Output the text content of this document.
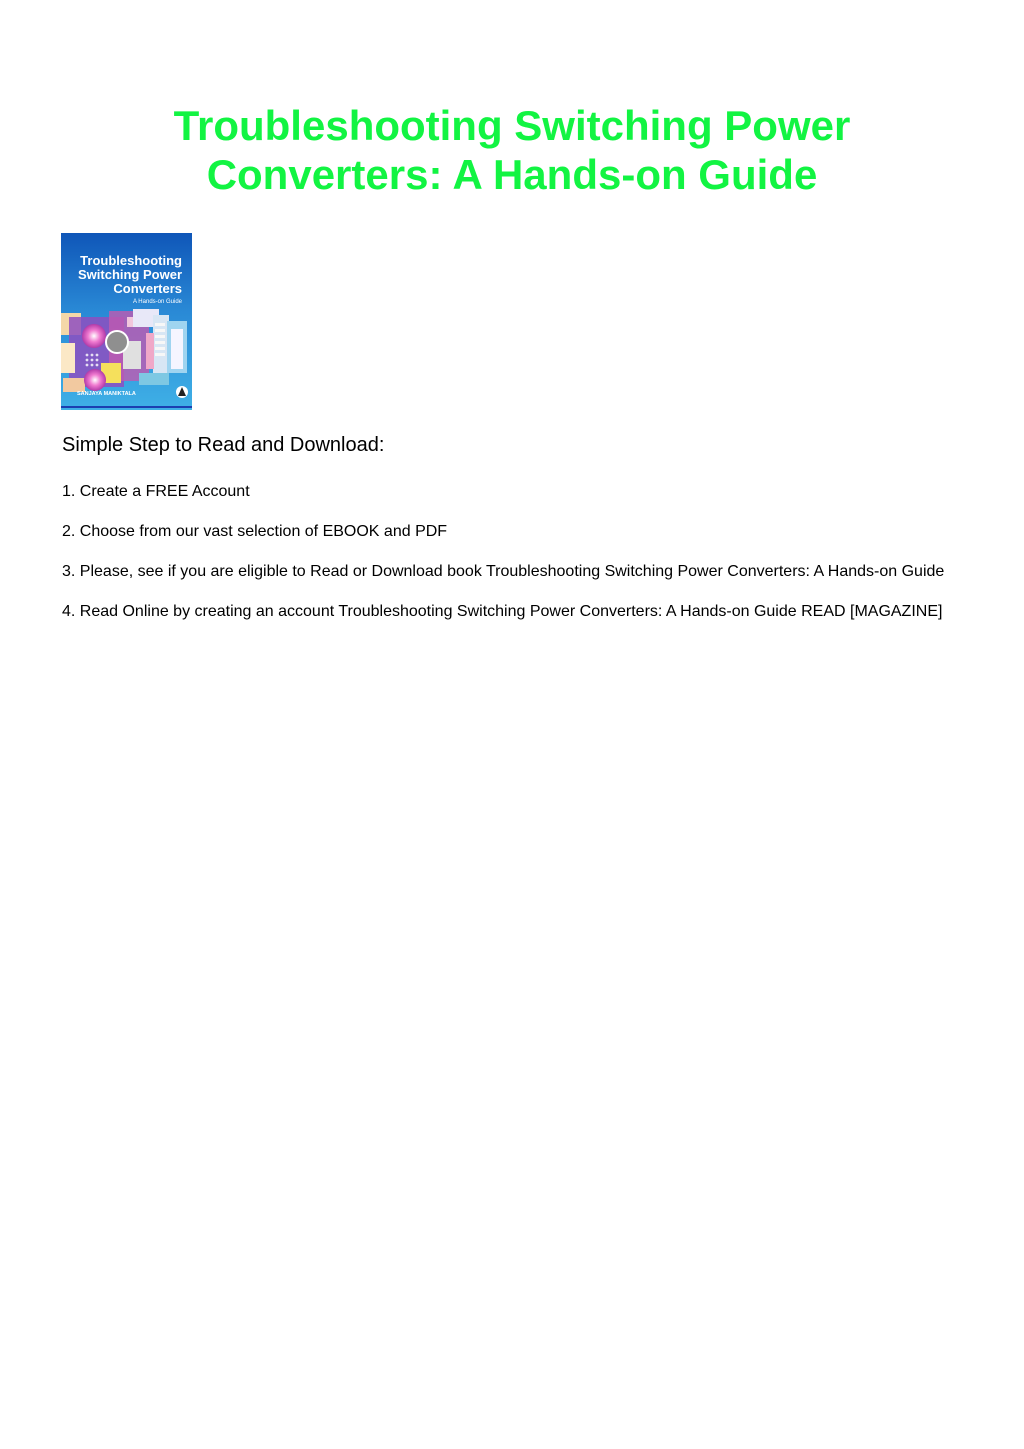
Troubleshooting Switching Power
Converters: A Hands-on Guide
Troubleshooting
Switching Power
Converters
A Hands-on Guide
SANJAYA MANIKTALA
Simple Step to Read and Download:
1. Create a FREE Account
2. Choose from our vast selection of EBOOK and PDF
3. Please, see if you are eligible to Read or Download book Troubleshooting Switching Power Converters: A Hands-on Guide
4. Read Online by creating an account Troubleshooting Switching Power Converters: A Hands-on Guide READ [MAGAZINE]
